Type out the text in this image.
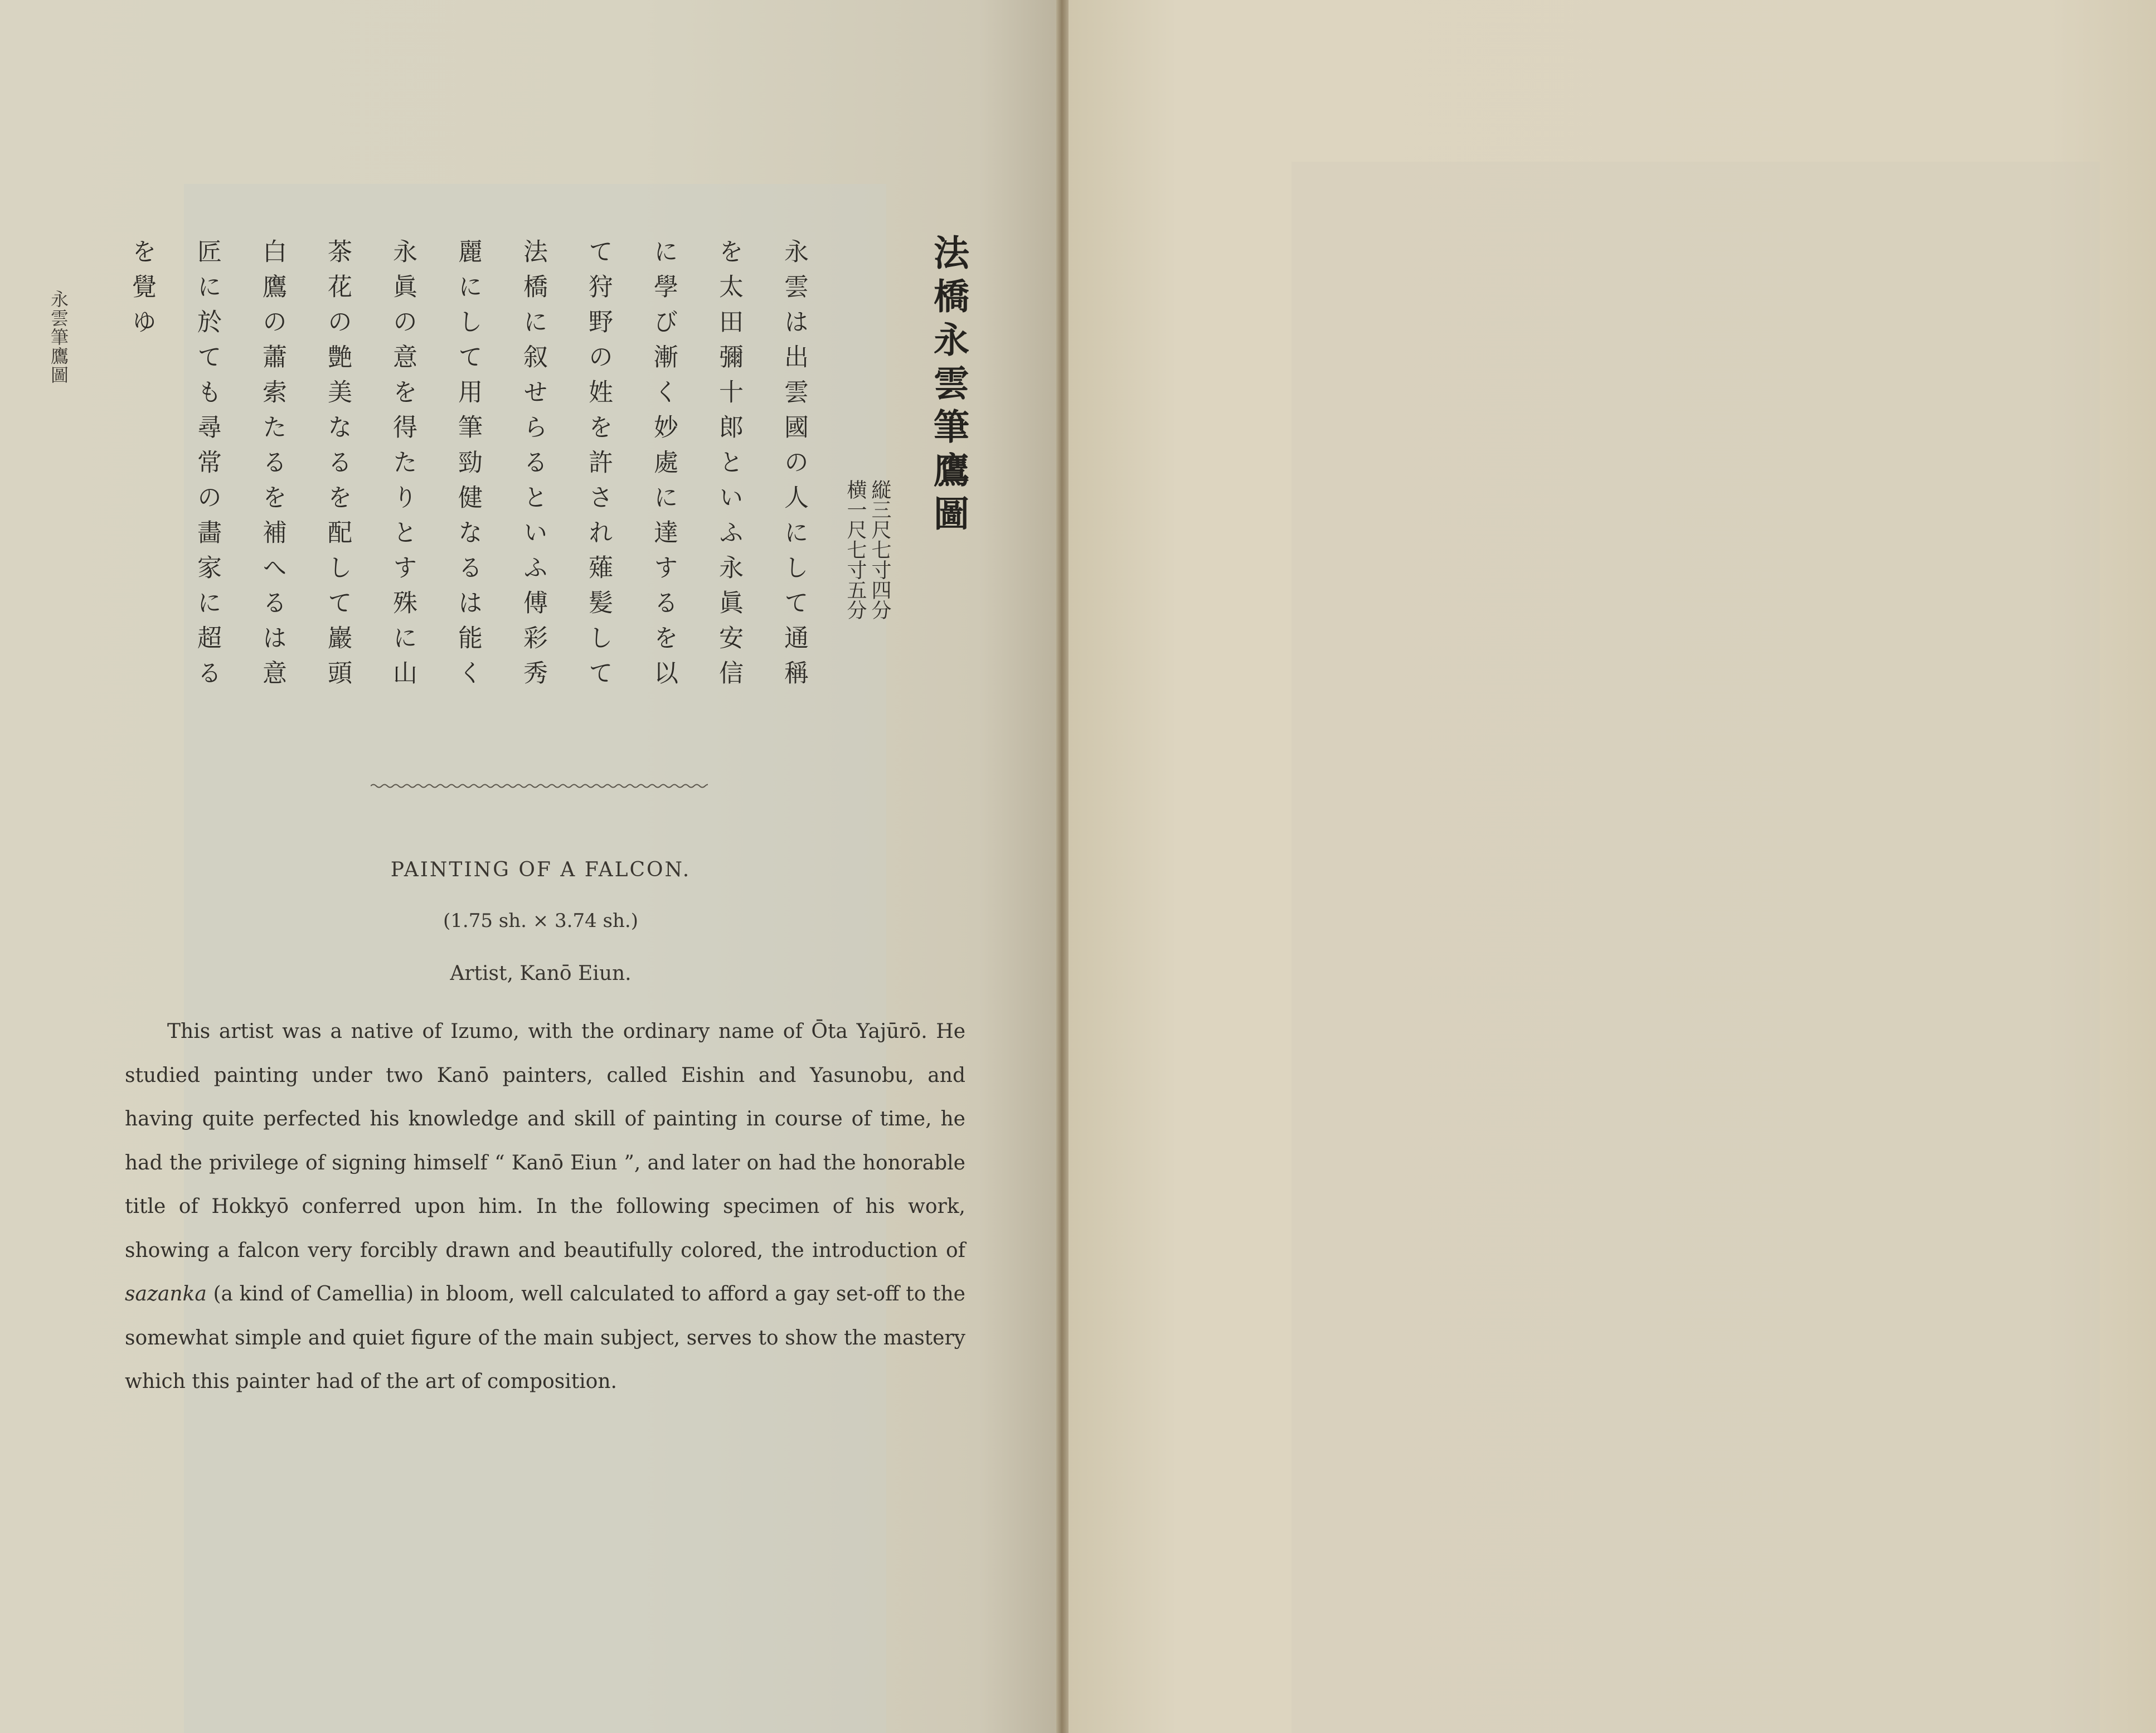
法橋永雲筆鷹圖
縦三尺七寸四分
横一尺七寸五分
永雲は出雲國の人にして通稱
を太田彌十郎といふ永眞安信
に學び漸く妙處に達するを以
て狩野の姓を許され薙髪して
法橋に叙せらるといふ傅彩秀
麗にして用筆勁健なるは能く
永眞の意を得たりとす殊に山
茶花の艶美なるを配して巖頭
白鷹の蕭索たるを補へるは意
匠に於ても尋常の畵家に超る
を覺ゆ
永雲筆鷹圖
PAINTING OF A FALCON.
(1.75 sh. × 3.74 sh.)
Artist, Kanō Eiun.

This artist was a native of Izumo, with the ordinary name of Ōta Yajūrō. He studied painting under two Kanō painters, called Eishin and Yasunobu, and having quite perfected his knowledge and skill of painting in course of time, he had the privilege of signing himself “ Kanō Eiun ”, and later on had the honorable title of Hokkyō conferred upon him. In the following specimen of his work, showing a falcon very forcibly drawn and beautifully colored, the introduction of sazanka (a kind of Camellia) in bloom, well calculated to afford a gay set-off to the somewhat simple and quiet figure of the main subject, serves to show the mastery which this painter had of the art of composition.
